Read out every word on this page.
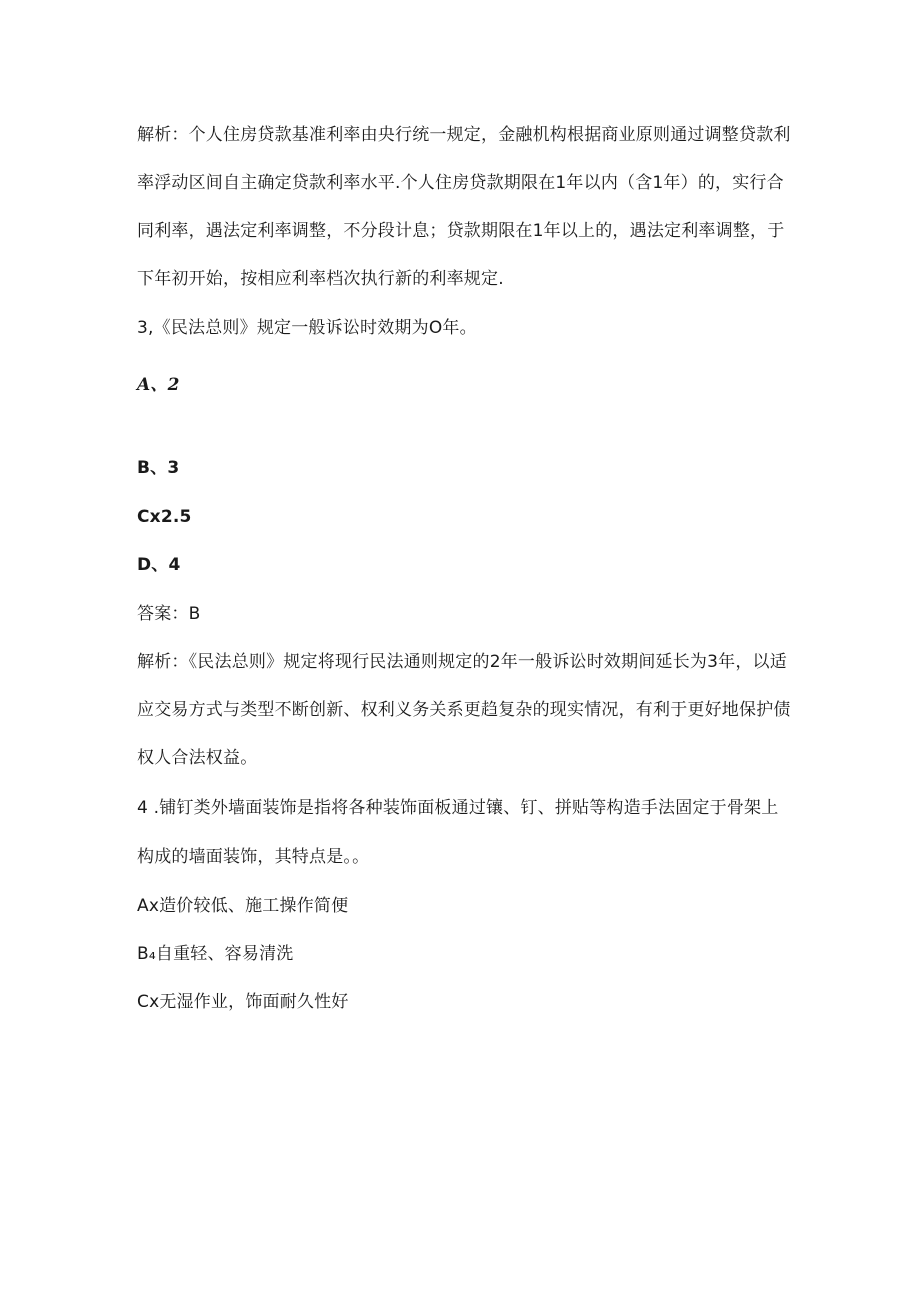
解析：个人住房贷款基准利率由央行统一规定，金融机构根据商业原则通过调整贷款利
率浮动区间自主确定贷款利率水平.个人住房贷款期限在1年以内（含1年）的，实行合
同利率，遇法定利率调整，不分段计息；贷款期限在1年以上的，遇法定利率调整，于
下年初开始，按相应利率档次执行新的利率规定.
3,《民法总则》规定一般诉讼时效期为O年。
A、2
B、3
Cx2.5
D、4
答案：B
解析：《民法总则》规定将现行民法通则规定的2年一般诉讼时效期间延长为3年，以适
应交易方式与类型不断创新、权利义务关系更趋复杂的现实情况，有利于更好地保护债
权人合法权益。
4 .铺钉类外墙面装饰是指将各种装饰面板通过镶、钉、拼贴等构造手法固定于骨架上
构成的墙面装饰，其特点是。。
Ax造价较低、施工操作简便
B₄自重轻、容易清洗
Cx无湿作业，饰面耐久性好
